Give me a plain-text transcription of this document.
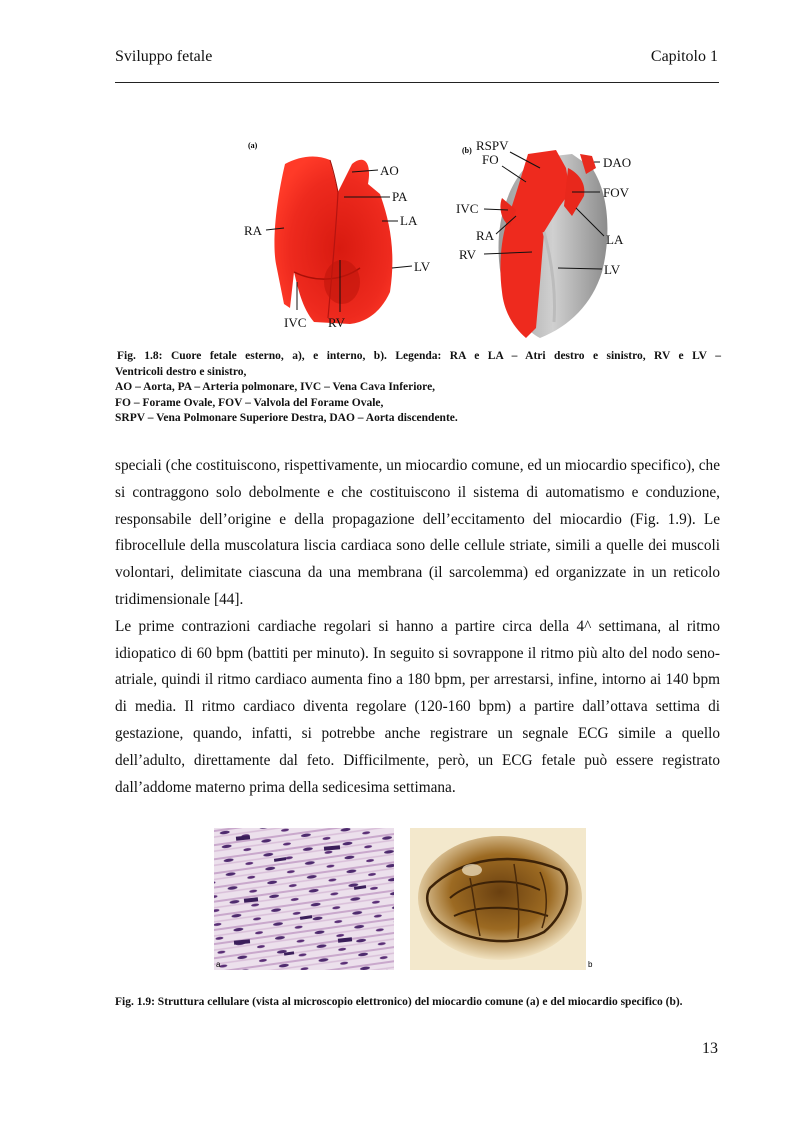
Sviluppo fetale	Capitolo 1
(a)
AO
PA
LA
RA
LV
IVC RV
(b) RSPV
FO	DAO
FOV
IVC
RA	LA
RV
LV
Fig. 1.8: Cuore fetale esterno, a), e interno, b). Legenda: RA e LA – Atri destro e sinistro, RV e LV –
Ventricoli destro e sinistro,
AO – Aorta, PA – Arteria polmonare, IVC – Vena Cava Inferiore,
FO – Forame Ovale, FOV – Valvola del Forame Ovale,
SRPV – Vena Polmonare Superiore Destra, DAO – Aorta discendente.

speciali (che costituiscono, rispettivamente, un miocardio comune, ed un miocardio specifico), che si contraggono solo debolmente e che costituiscono il sistema di automatismo e conduzione, responsabile dell’origine e della propagazione dell’eccitamento del miocardio (Fig. 1.9). Le fibrocellule della muscolatura liscia cardiaca sono delle cellule striate, simili a quelle dei muscoli volontari, delimitate ciascuna da una membrana (il sarcolemma) ed organizzate in un reticolo tridimensionale [44].

Le prime contrazioni cardiache regolari si hanno a partire circa della 4^ settimana, al ritmo idiopatico di 60 bpm (battiti per minuto). In seguito si sovrappone il ritmo più alto del nodo seno-atriale, quindi il ritmo cardiaco aumenta fino a 180 bpm, per arrestarsi, infine, intorno ai 140 bpm di media. Il ritmo cardiaco diventa regolare (120-160 bpm) a partire dall’ottava settima di gestazione, quando, infatti, si potrebbe anche registrare un segnale ECG simile a quello dell’adulto, direttamente dal feto. Difficilmente, però, un ECG fetale può essere registrato dall’addome materno prima della sedicesima settimana.

a	b
Fig. 1.9: Struttura cellulare (vista al microscopio elettronico) del miocardio comune (a) e del miocardio specifico (b).
13
